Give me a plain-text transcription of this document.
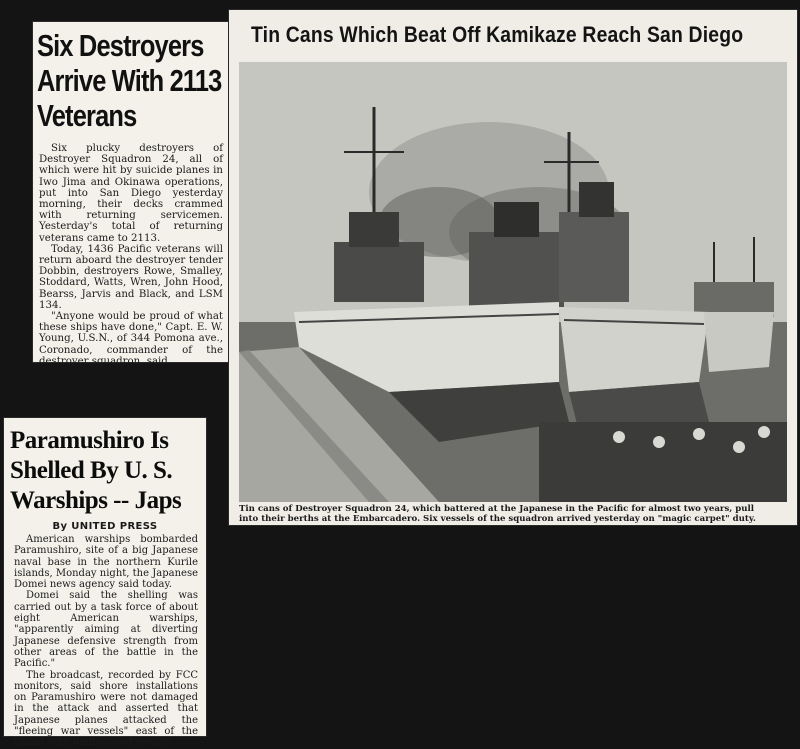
Six Destroyers Arrive With 2113 Veterans

Six plucky destroyers of Destroyer Squadron 24, all of which were hit by suicide planes in Iwo Jima and Okinawa operations, put into San Diego yesterday morning, their decks crammed with returning servicemen. Yesterday's total of returning veterans came to 2113.

Today, 1436 Pacific veterans will return aboard the destroyer tender Dobbin, destroyers Rowe, Smalley, Stoddard, Watts, Wren, John Hood, Bearss, Jarvis and Black, and LSM 134.

"Anyone would be proud of what these ships have done," Capt. E. W. Young, U.S.N., of 344 Pomona ave., Coronado, commander of the destroyer squadron, said.

Paramushiro Is Shelled By U. S. Warships -- Japs
By UNITED PRESS

American warships bombarded Paramushiro, site of a big Japanese naval base in the northern Kurile islands, Monday night, the Japanese Domei news agency said today.

Domei said the shelling was carried out by a task force of about eight American warships, "apparently aiming at diverting Japanese defensive strength from other areas of the battle in the Pacific."

The broadcast, recorded by FCC monitors, said shore installations on Paramushiro were not damaged in the attack and asserted that Japanese planes attacked the "fleeing war vessels" east of the island with undisclosed results.

Tin Cans Which Beat Off Kamikaze Reach San Diego
Tin cans of Destroyer Squadron 24, which battered at the Japanese in the Pacific for almost two years, pull
into their berths at the Embarcadero. Six vessels of the squadron arrived yesterday on "magic carpet" duty.
